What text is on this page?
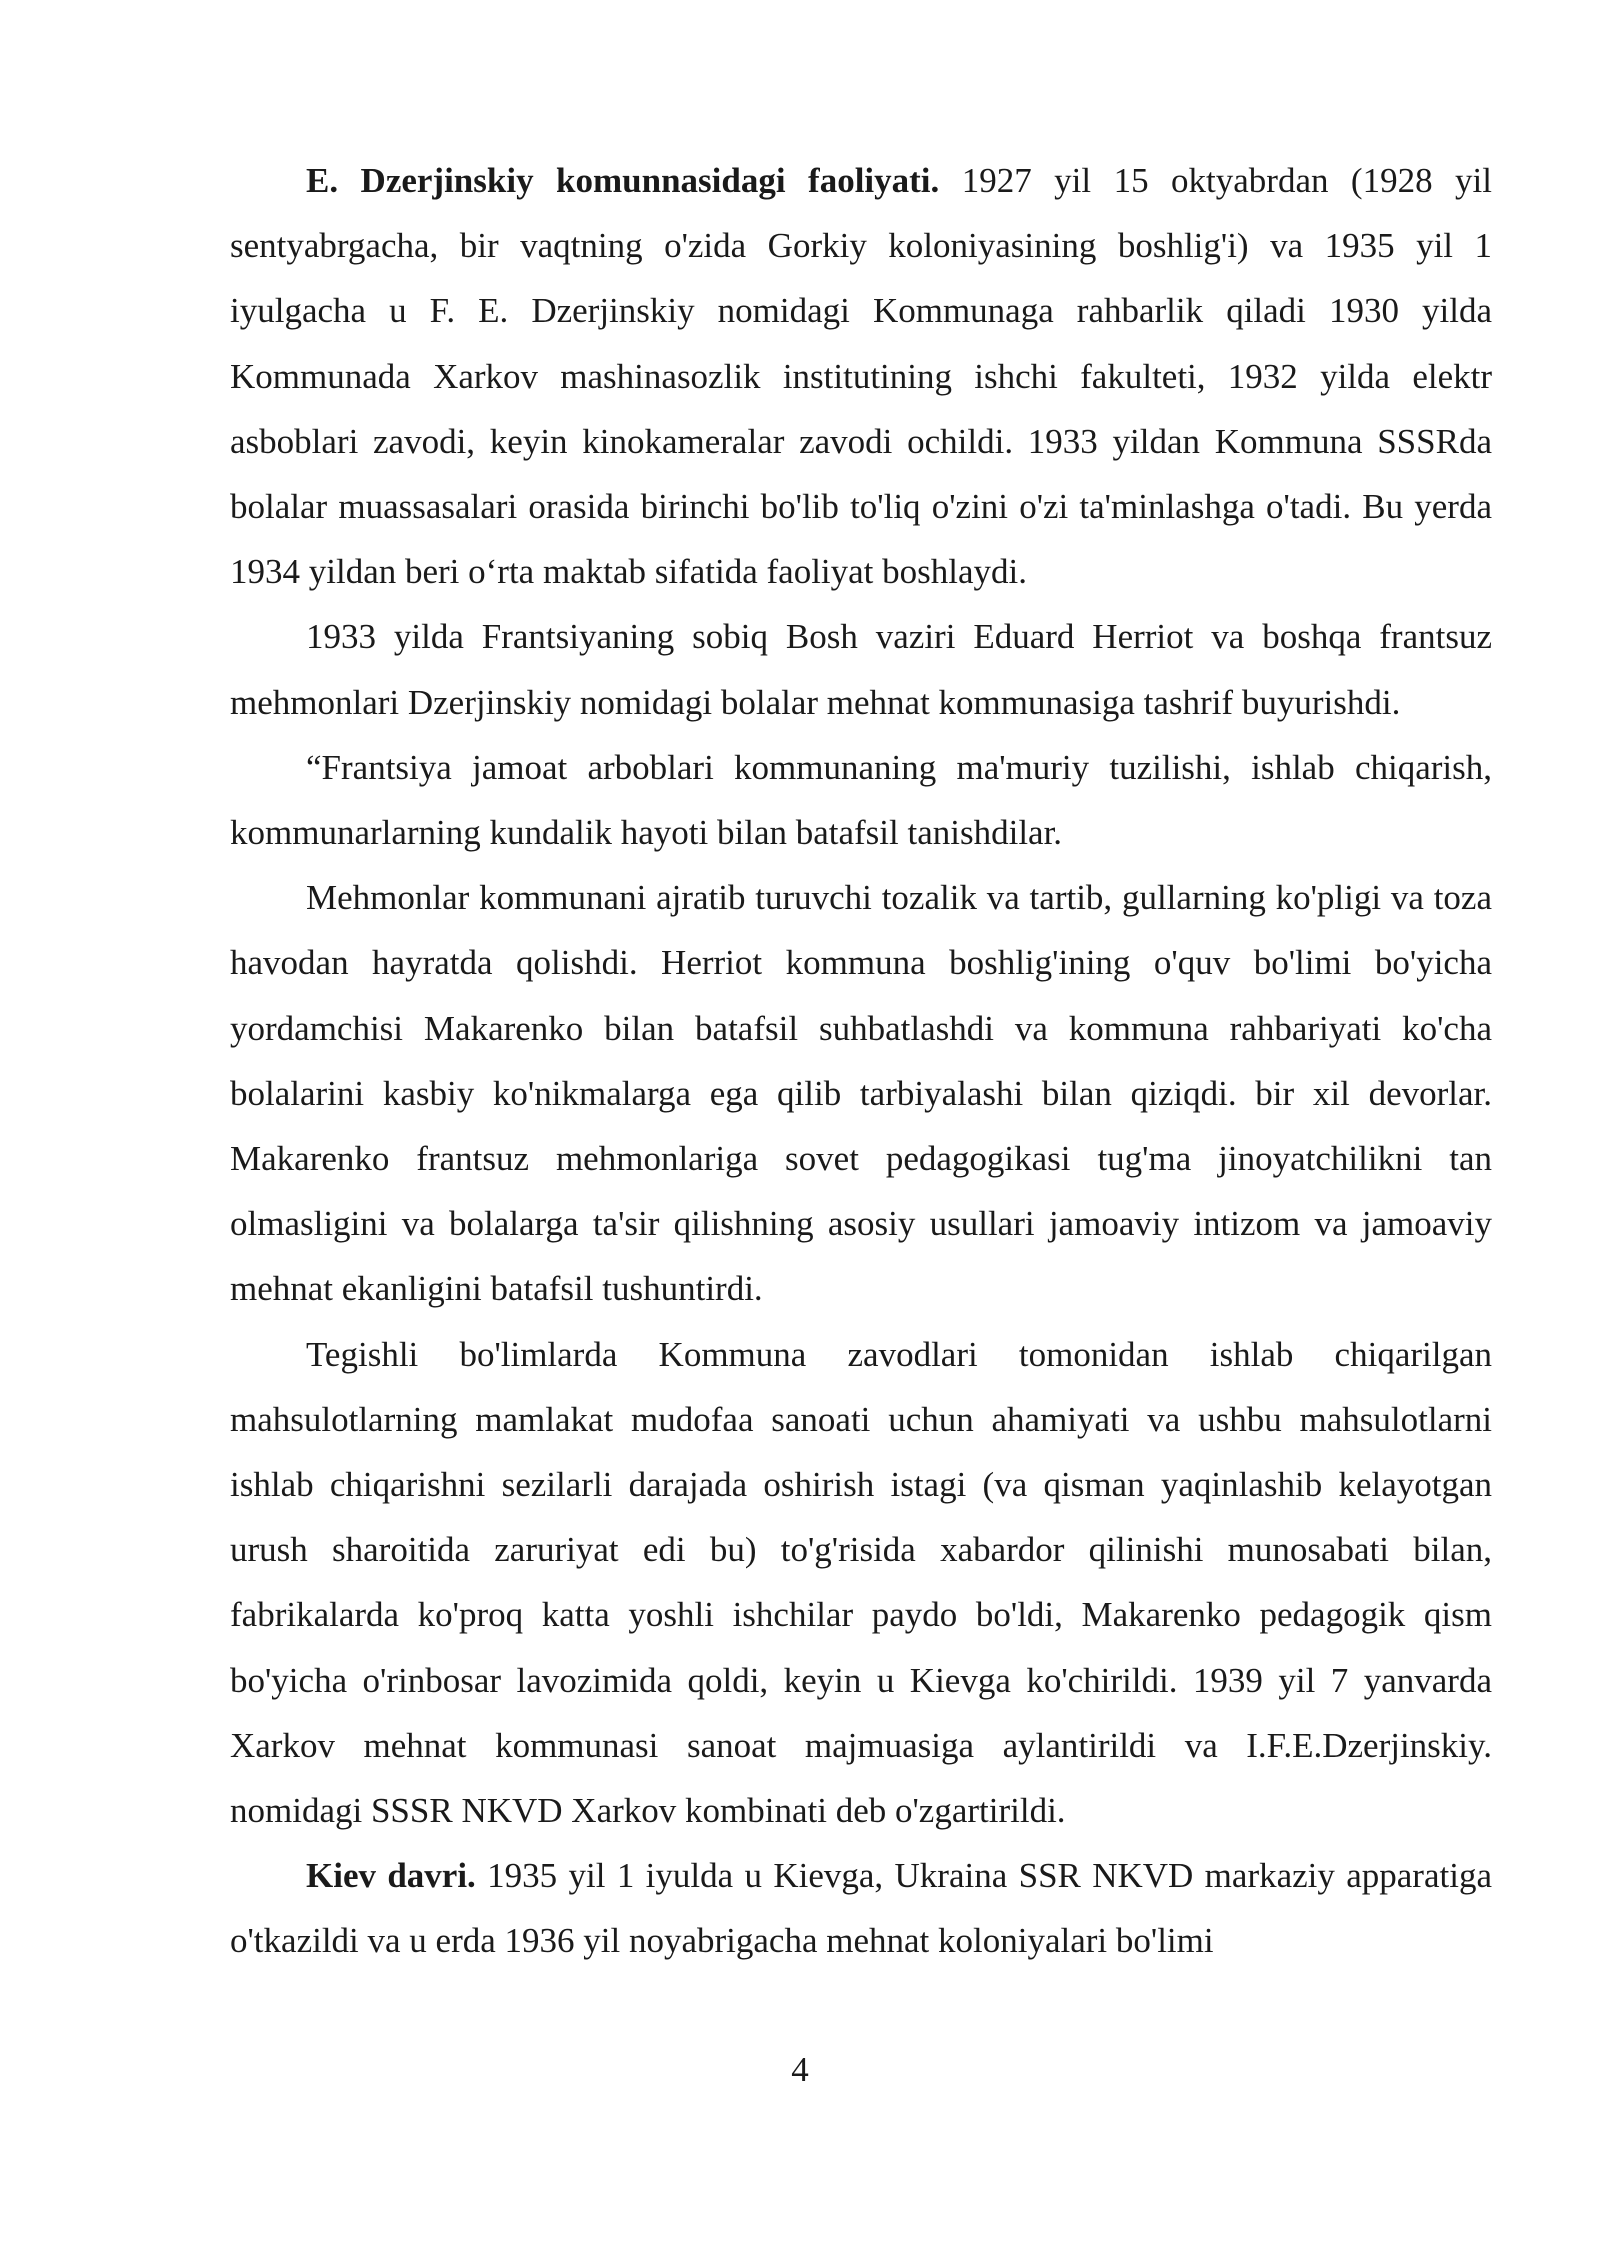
E. Dzerjinskiy komunnasidagi faoliyati. 1927 yil 15 oktyabrdan (1928 yil sentyabrgacha, bir vaqtning o'zida Gorkiy koloniyasining boshlig'i) va 1935 yil 1 iyulgacha u F. E. Dzerjinskiy nomidagi Kommunaga rahbarlik qiladi 1930 yilda Kommunada Xarkov mashinasozlik institutining ishchi fakulteti, 1932 yilda elektr asboblari zavodi, keyin kinokameralar zavodi ochildi. 1933 yildan Kommuna SSSRda bolalar muassasalari orasida birinchi bo'lib to'liq o'zini o'zi ta'minlashga o'tadi. Bu yerda 1934 yildan beri o‘rta maktab sifatida faoliyat boshlaydi.

1933 yilda Frantsiyaning sobiq Bosh vaziri Eduard Herriot va boshqa frantsuz mehmonlari Dzerjinskiy nomidagi bolalar mehnat kommunasiga tashrif buyurishdi.

“Frantsiya jamoat arboblari kommunaning ma'muriy tuzilishi, ishlab chiqarish, kommunarlarning kundalik hayoti bilan batafsil tanishdilar.

Mehmonlar kommunani ajratib turuvchi tozalik va tartib, gullarning ko'pligi va toza havodan hayratda qolishdi. Herriot kommuna boshlig'ining o'quv bo'limi bo'yicha yordamchisi Makarenko bilan batafsil suhbatlashdi va kommuna rahbariyati ko'cha bolalarini kasbiy ko'nikmalarga ega qilib tarbiyalashi bilan qiziqdi. bir xil devorlar. Makarenko frantsuz mehmonlariga sovet pedagogikasi tug'ma jinoyatchilikni tan olmasligini va bolalarga ta'sir qilishning asosiy usullari jamoaviy intizom va jamoaviy mehnat ekanligini batafsil tushuntirdi.

Tegishli bo'limlarda Kommuna zavodlari tomonidan ishlab chiqarilgan mahsulotlarning mamlakat mudofaa sanoati uchun ahamiyati va ushbu mahsulotlarni ishlab chiqarishni sezilarli darajada oshirish istagi (va qisman yaqinlashib kelayotgan urush sharoitida zaruriyat edi bu) to'g'risida xabardor qilinishi munosabati bilan, fabrikalarda ko'proq katta yoshli ishchilar paydo bo'ldi, Makarenko pedagogik qism bo'yicha o'rinbosar lavozimida qoldi, keyin u Kievga ko'chirildi. 1939 yil 7 yanvarda Xarkov mehnat kommunasi sanoat majmuasiga aylantirildi va I.F.E.Dzerjinskiy. nomidagi SSSR NKVD Xarkov kombinati deb o'zgartirildi.

Kiev davri. 1935 yil 1 iyulda u Kievga, Ukraina SSR NKVD markaziy apparatiga o'tkazildi va u erda 1936 yil noyabrigacha mehnat koloniyalari bo'limi

4
